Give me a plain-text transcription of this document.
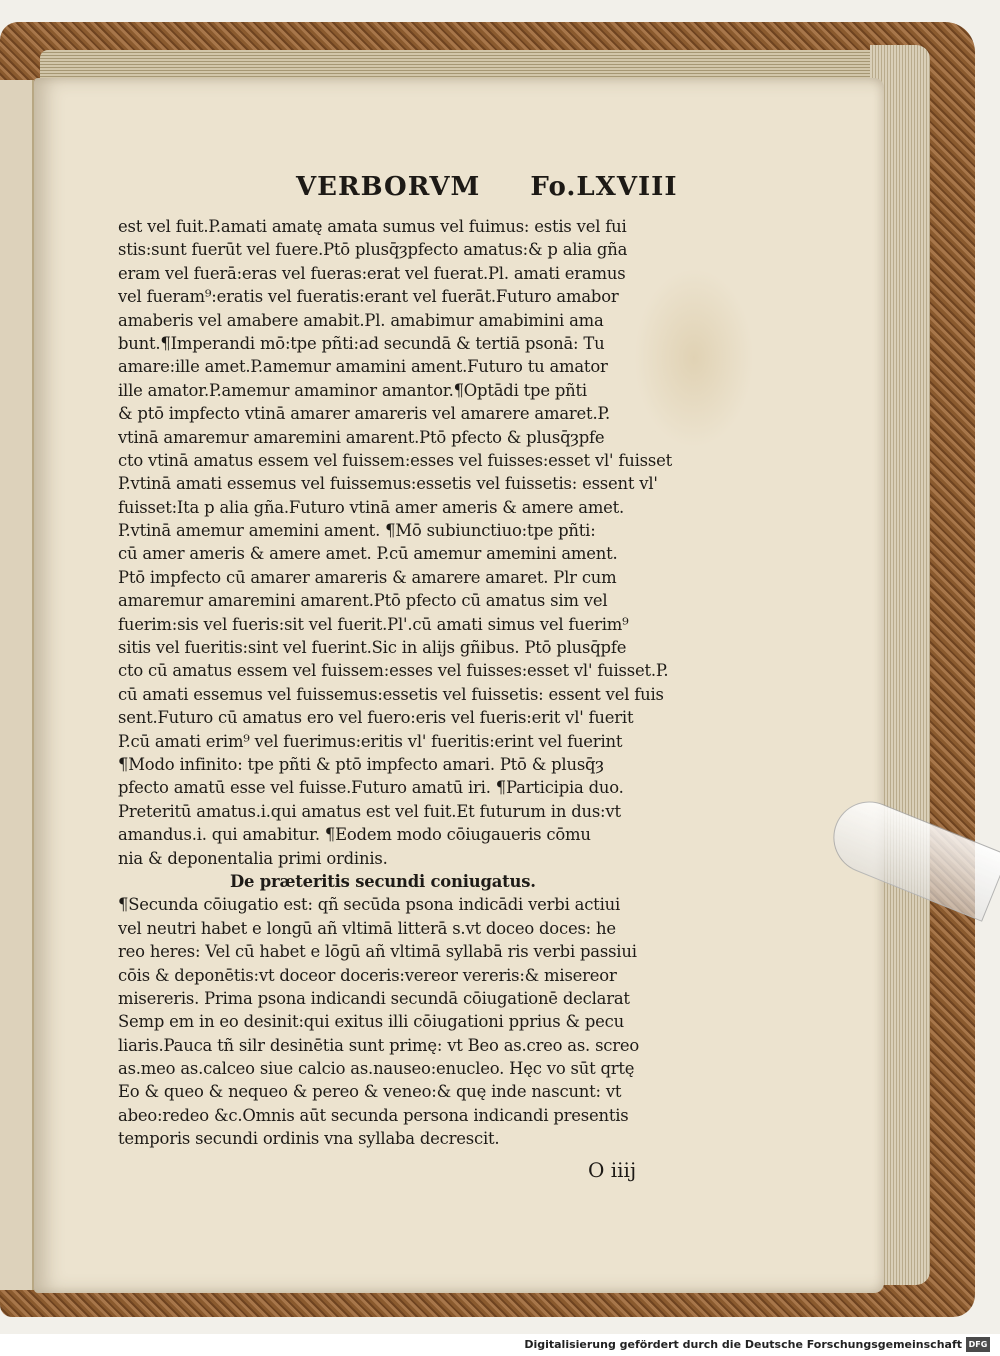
VERBORVM Fo.LXVIII
est vel fuit.P.amati amatę amata sumus vel fuimus: estis vel fui
stis:sunt fuerūt vel fuere.Ptō plusq̄ȝpfecto amatus:& p alia gña
eram vel fuerā:eras vel fueras:erat vel fuerat.Pl. amati eramus
vel fueram⁹:eratis vel fueratis:erant vel fuerāt.Futuro amabor
amaberis vel amabere amabit.Pl. amabimur amabimini ama
bunt.¶Imperandi mō:tpe pñti:ad secundā & tertiā psonā: Tu
amare:ille amet.P.amemur amamini ament.Futuro tu amator
ille amator.P.amemur amaminor amantor.¶Optādi tpe pñti
& ptō impfecto vtinā amarer amareris vel amarere amaret.P.
vtinā amaremur amaremini amarent.Ptō pfecto & plusq̄ȝpfe
cto vtinā amatus essem vel fuissem:esses vel fuisses:esset vl' fuisset
P.vtinā amati essemus vel fuissemus:essetis vel fuissetis: essent vl'
fuisset:Ita p alia gña.Futuro vtinā amer ameris & amere amet.
P.vtinā amemur amemini ament. ¶Mō subiunctiuo:tpe pñti:
cū amer ameris & amere amet. P.cū amemur amemini ament.
Ptō impfecto cū amarer amareris & amarere amaret. Plr cum
amaremur amaremini amarent.Ptō pfecto cū amatus sim vel
fuerim:sis vel fueris:sit vel fuerit.Pl'.cū amati simus vel fuerim⁹
sitis vel fueritis:sint vel fuerint.Sic in alijs gñibus. Ptō plusq̄pfe
cto cū amatus essem vel fuissem:esses vel fuisses:esset vl' fuisset.P.
cū amati essemus vel fuissemus:essetis vel fuissetis: essent vel fuis
sent.Futuro cū amatus ero vel fuero:eris vel fueris:erit vl' fuerit
P.cū amati erim⁹ vel fuerimus:eritis vl' fueritis:erint vel fuerint
¶Modo infinito: tpe pñti & ptō impfecto amari. Ptō & plusq̄ȝ
pfecto amatū esse vel fuisse.Futuro amatū iri. ¶Participia duo.
Preteritū amatus.i.qui amatus est vel fuit.Et futurum in dus:vt
amandus.i. qui amabitur. ¶Eodem modo cōiugaueris cōmu
nia & deponentalia primi ordinis.
De præteritis secundi coniugatus.
¶Secunda cōiugatio est: qñ secūda psona indicādi verbi actiui
vel neutri habet e longū añ vltimā litterā s.vt doceo doces: he
reo heres: Vel cū habet e lōgū añ vltimā syllabā ris verbi passiui
cōis & deponētis:vt doceor doceris:vereor vereris:& misereor
misereris. Prima psona indicandi secundā cōiugationē declarat
Semp em in eo desinit:qui exitus illi cōiugationi pprius & pecu
liaris.Pauca tñ silr desinētia sunt primę: vt Beo as.creo as. screo
as.meo as.calceo siue calcio as.nauseo:enucleo. Hęc vo sūt qrtę
Eo & queo & nequeo & pereo & veneo:& quę inde nascunt: vt
abeo:redeo &c.Omnis aūt secunda persona indicandi presentis
temporis secundi ordinis vna syllaba decrescit.
O iiij
Digitalisierung gefördert durch die Deutsche Forschungsgemeinschaft DFG
